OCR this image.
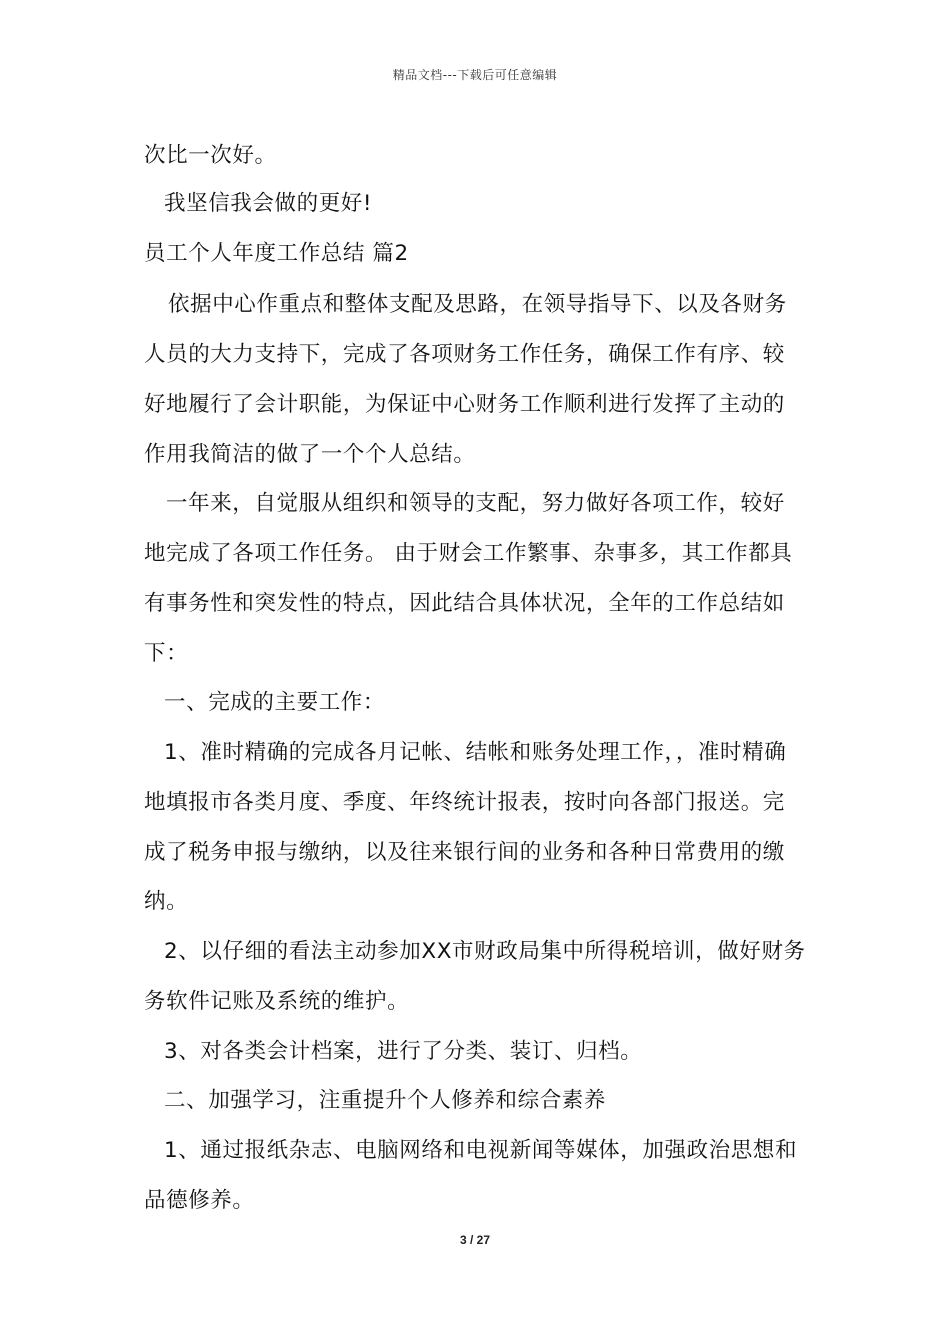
精品文档---下载后可任意编辑
次比一次好。
我坚信我会做的更好!
员工个人年度工作总结 篇2
依据中心作重点和整体支配及思路，在领导指导下、以及各财务
人员的大力支持下，完成了各项财务工作任务，确保工作有序、较
好地履行了会计职能，为保证中心财务工作顺利进行发挥了主动的
作用我简洁的做了一个个人总结。
一年来，自觉服从组织和领导的支配，努力做好各项工作，较好
地完成了各项工作任务。 由于财会工作繁事、杂事多，其工作都具
有事务性和突发性的特点，因此结合具体状况，全年的工作总结如
下：
一、完成的主要工作：
1、准时精确的完成各月记帐、结帐和账务处理工作，，准时精确
地填报市各类月度、季度、年终统计报表，按时向各部门报送。完
成了税务申报与缴纳，以及往来银行间的业务和各种日常费用的缴
纳。
2、以仔细的看法主动参加XX市财政局集中所得税培训，做好财务
务软件记账及系统的维护。
3、对各类会计档案，进行了分类、装订、归档。
二、加强学习，注重提升个人修养和综合素养
1、通过报纸杂志、电脑网络和电视新闻等媒体，加强政治思想和
品德修养。
3 / 27
